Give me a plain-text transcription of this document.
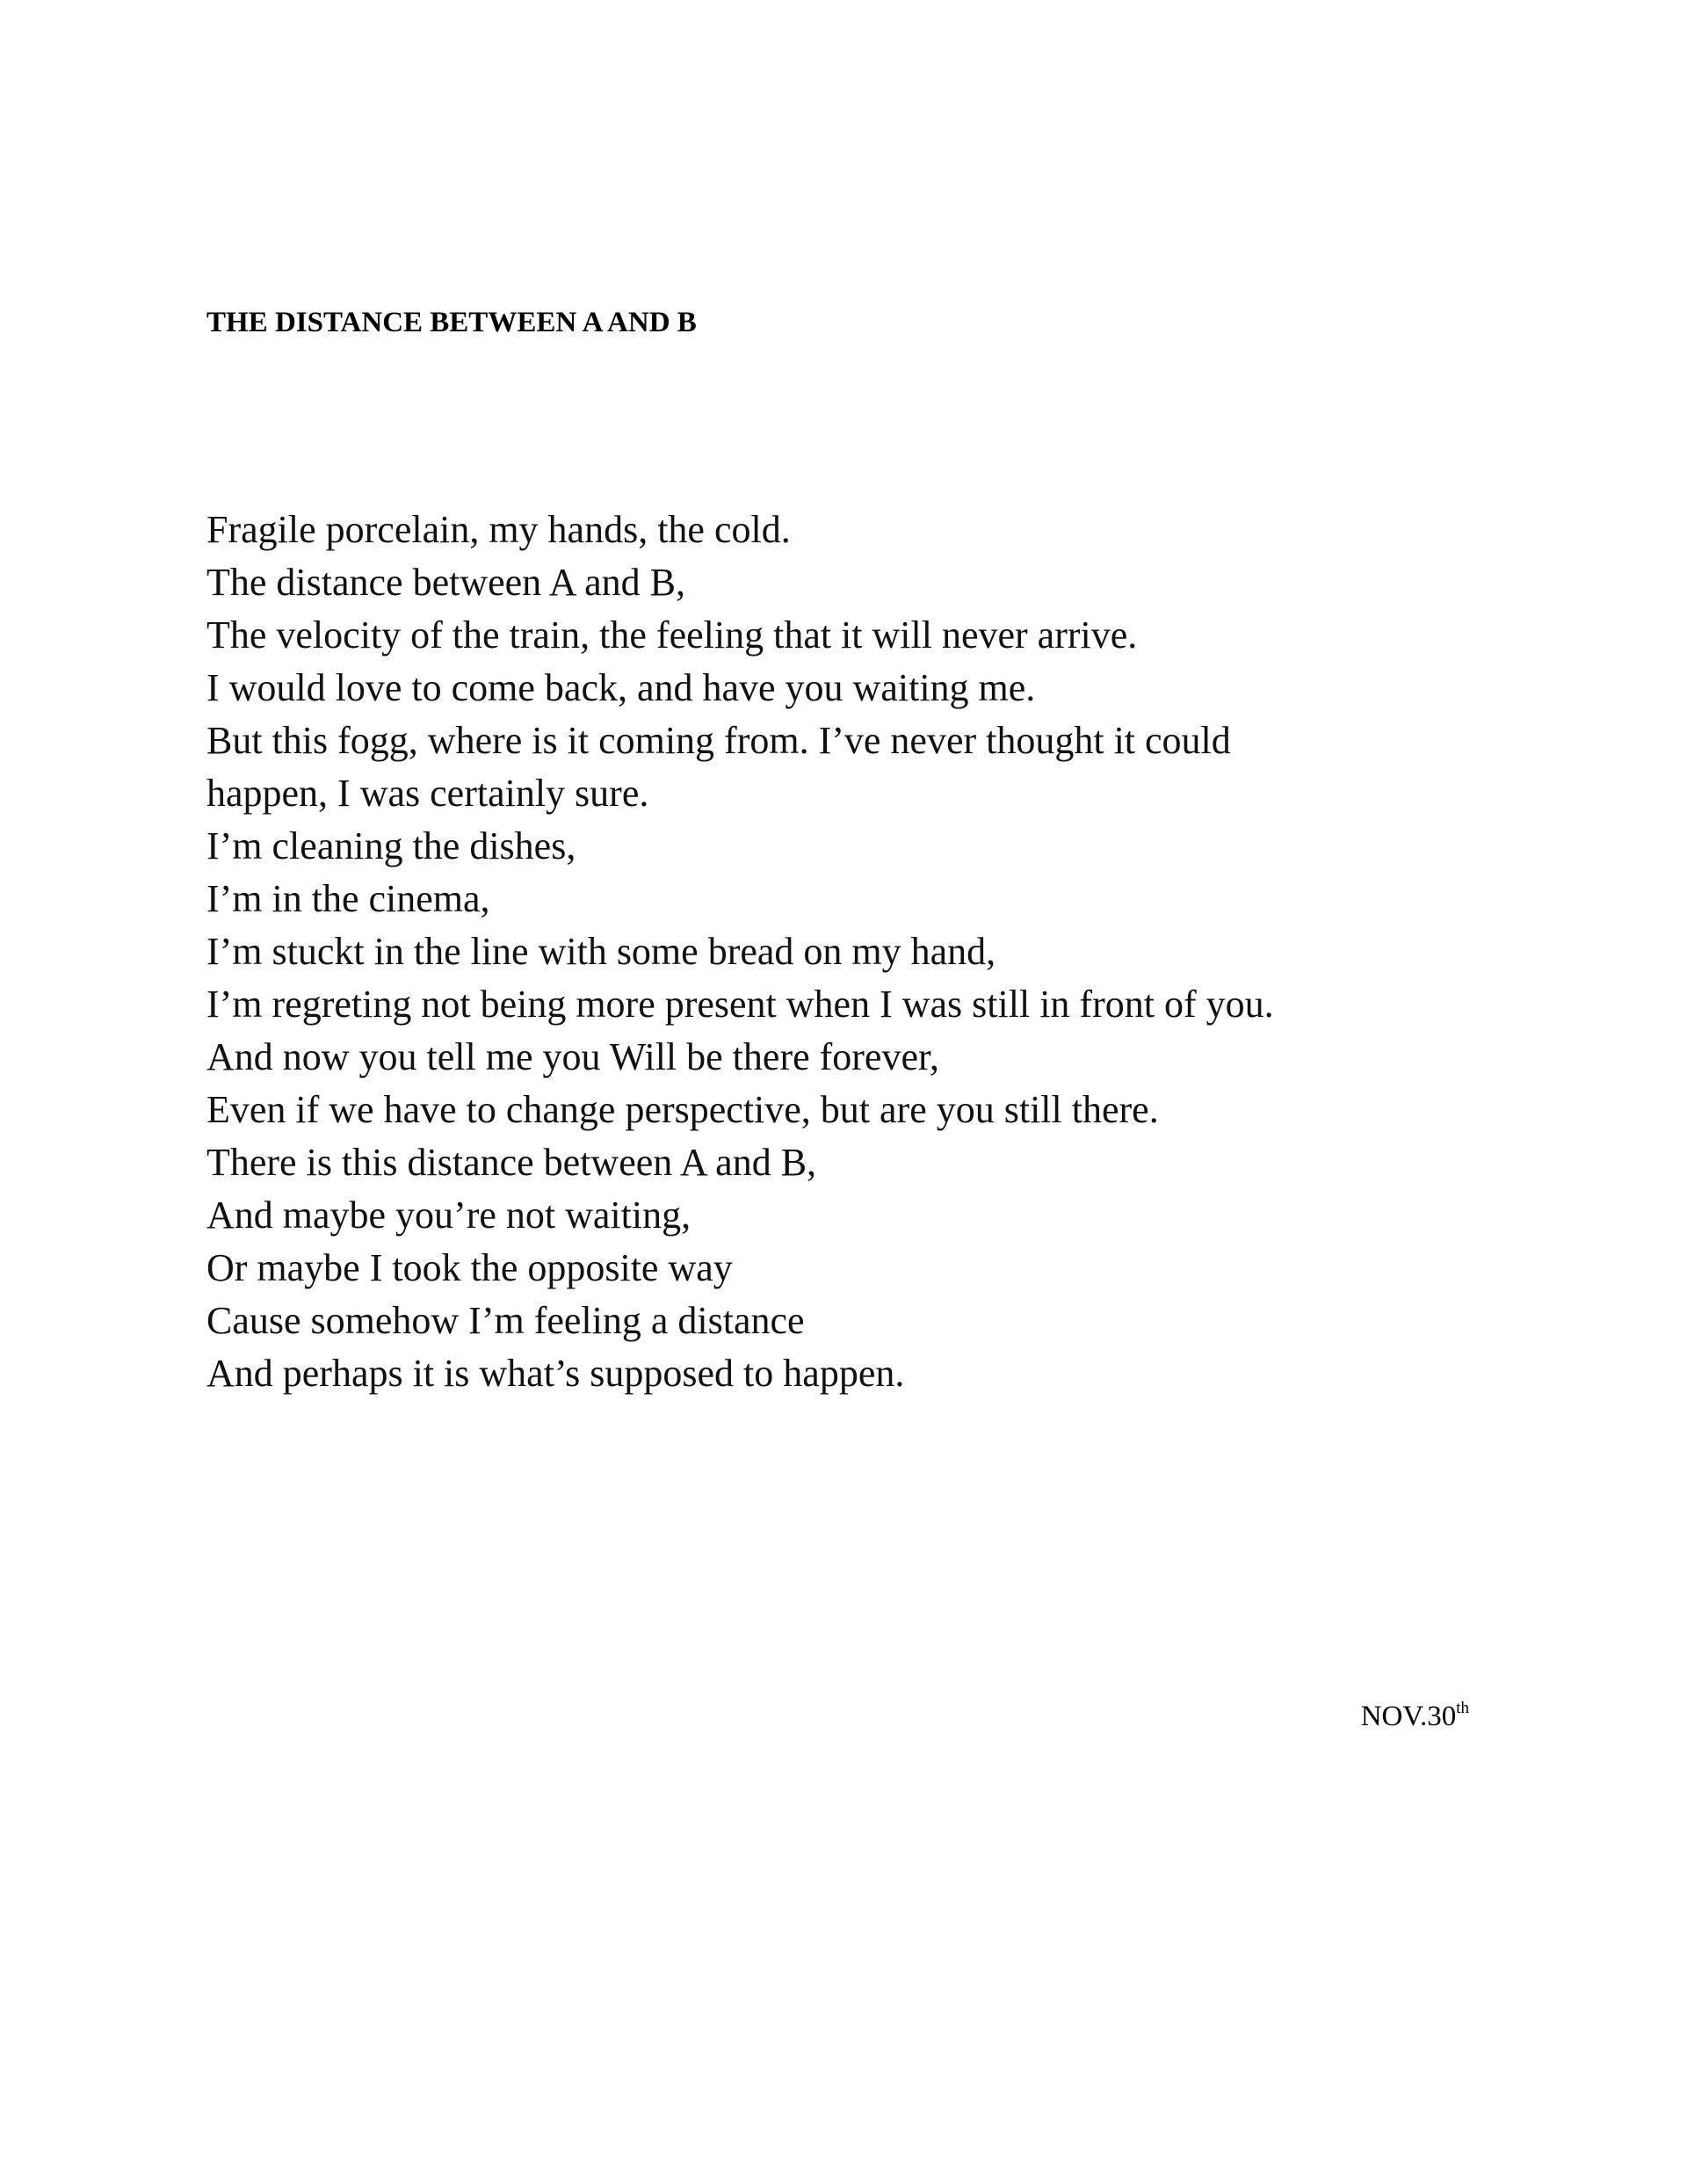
THE DISTANCE BETWEEN A AND B
Fragile porcelain, my hands, the cold.
The distance between A and B,
The velocity of the train, the feeling that it will never arrive.
I would love to come back, and have you waiting me.
But this fogg, where is it coming from. I’ve never thought it could
happen, I was certainly sure.
I’m cleaning the dishes,
I’m in the cinema,
I’m stuckt in the line with some bread on my hand,
I’m regreting not being more present when I was still in front of you.
And now you tell me you Will be there forever,
Even if we have to change perspective, but are you still there.
There is this distance between A and B,
And maybe you’re not waiting,
Or maybe I took the opposite way
Cause somehow I’m feeling a distance
And perhaps it is what’s supposed to happen.
NOV.30th
